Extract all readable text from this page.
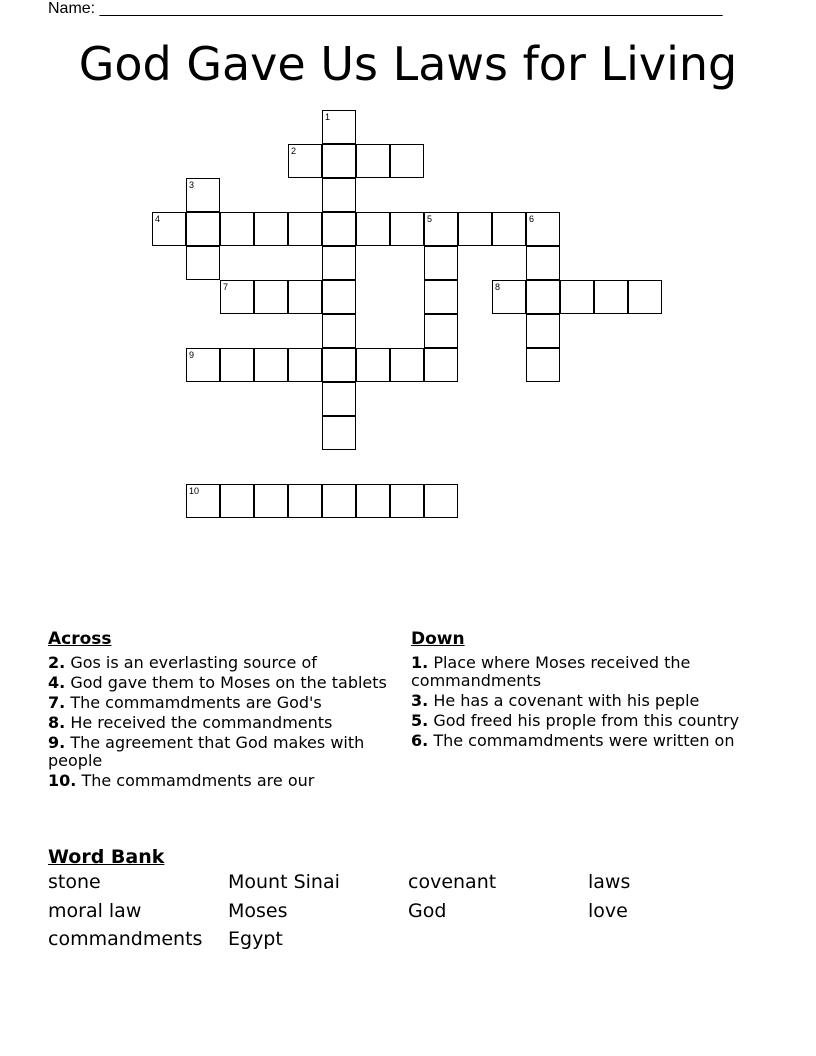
Name: ______________________________________________________________________
God Gave Us Laws for Living
1
2
3
4	5	6
7	8
9
10
Across
2. Gos is an everlasting source of
4. God gave them to Moses on the tablets
7. The commamdments are God's
8. He received the commandments
9. The agreement that God makes with people
10. The commamdments are our
Down
1. Place where Moses received the commandments
3. He has a covenant with his peple
5. God freed his prople from this country
6. The commamdments were written on
Word Bank
stone	Mount Sinai	covenant	laws
moral law	Moses	God	love
commandments Egypt
